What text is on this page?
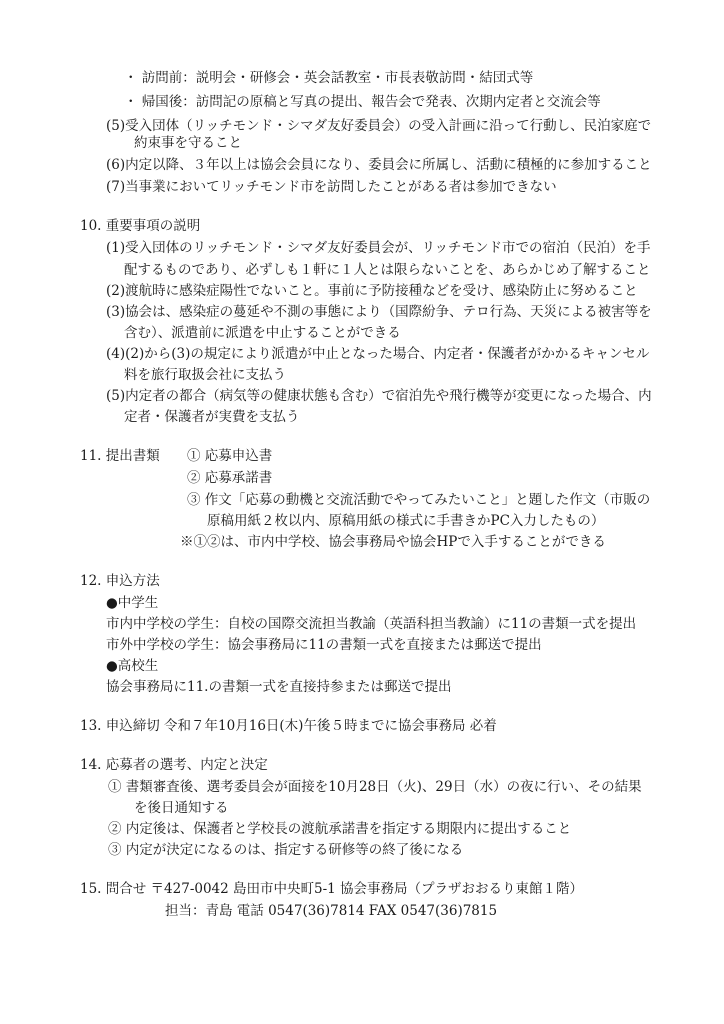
・ 訪問前：説明会・研修会・英会話教室・市長表敬訪問・結団式等
・ 帰国後：訪問記の原稿と写真の提出、報告会で発表、次期内定者と交流会等
(5)受入団体（リッチモンド・シマダ友好委員会）の受入計画に沿って行動し、民泊家庭で
約束事を守ること
(6)内定以降、３年以上は協会会員になり、委員会に所属し、活動に積極的に参加すること
(7)当事業においてリッチモンド市を訪問したことがある者は参加できない
10. 重要事項の説明
(1)受入団体のリッチモンド・シマダ友好委員会が、リッチモンド市での宿泊（民泊）を手
配するものであり、必ずしも１軒に１人とは限らないことを、あらかじめ了解すること
(2)渡航時に感染症陽性でないこと。事前に予防接種などを受け、感染防止に努めること
(3)協会は、感染症の蔓延や不測の事態により（国際紛争、テロ行為、天災による被害等を
含む）、派遣前に派遣を中止することができる
(4)(2)から(3)の規定により派遣が中止となった場合、内定者・保護者がかかるキャンセル
料を旅行取扱会社に支払う
(5)内定者の都合（病気等の健康状態も含む）で宿泊先や飛行機等が変更になった場合、内
定者・保護者が実費を支払う
11. 提出書類 ① 応募申込書
② 応募承諾書
③ 作文「応募の動機と交流活動でやってみたいこと」と題した作文（市販の
原稿用紙２枚以内、原稿用紙の様式に手書きかPC入力したもの）
※①②は、市内中学校、協会事務局や協会HPで入手することができる
12. 申込方法
●中学生
市内中学校の学生：自校の国際交流担当教諭（英語科担当教諭）に11の書類一式を提出
市外中学校の学生：協会事務局に11の書類一式を直接または郵送で提出
●高校生
協会事務局に11.の書類一式を直接持参または郵送で提出
13. 申込締切 令和７年10月16日(木)午後５時までに協会事務局 必着
14. 応募者の選考、内定と決定
① 書類審査後、選考委員会が面接を10月28日（火)、29日（水）の夜に行い、その結果
を後日通知する
② 内定後は、保護者と学校長の渡航承諾書を指定する期限内に提出すること
③ 内定が決定になるのは、指定する研修等の終了後になる
15. 問合せ 〒427-0042 島田市中央町5-1 協会事務局（プラザおおるり東館１階）
担当：青島 電話 0547(36)7814 FAX 0547(36)7815
